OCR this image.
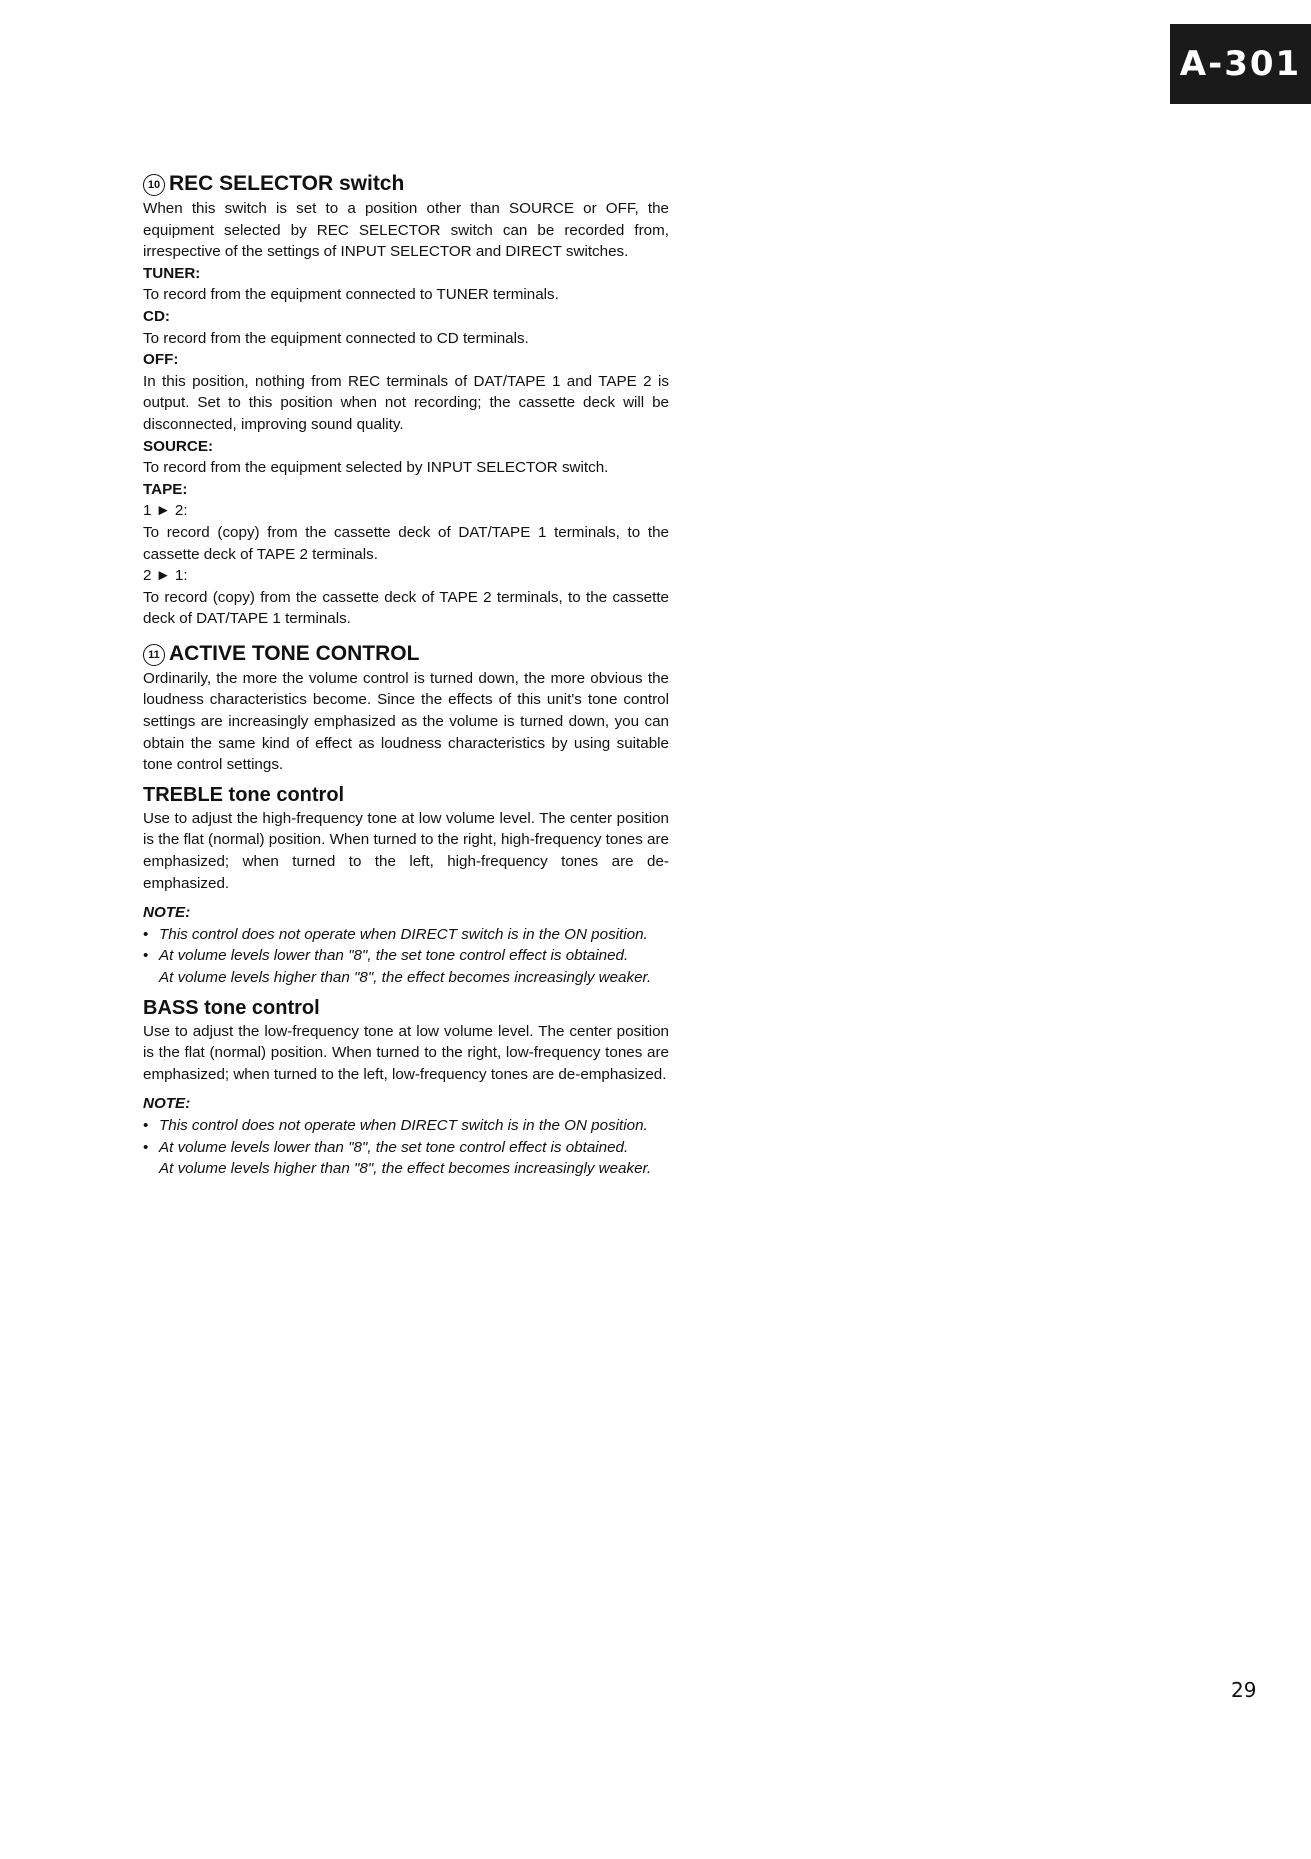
A-301
10 REC SELECTOR switch

When this switch is set to a position other than SOURCE or OFF, the equipment selected by REC SELECTOR switch can be recorded from, irrespective of the settings of INPUT SELECTOR and DIRECT switches.

TUNER:

To record from the equipment connected to TUNER terminals.

CD:

To record from the equipment connected to CD terminals.

OFF:

In this position, nothing from REC terminals of DAT/TAPE 1 and TAPE 2 is output. Set to this position when not recording; the cassette deck will be disconnected, improving sound quality.

SOURCE:

To record from the equipment selected by INPUT SELECTOR switch.

TAPE:

1 ► 2:

To record (copy) from the cassette deck of DAT/TAPE 1 terminals, to the cassette deck of TAPE 2 terminals.

2 ► 1:

To record (copy) from the cassette deck of TAPE 2 terminals, to the cassette deck of DAT/TAPE 1 terminals.

11 ACTIVE TONE CONTROL

Ordinarily, the more the volume control is turned down, the more obvious the loudness characteristics become. Since the effects of this unit's tone control settings are increasingly emphasized as the volume is turned down, you can obtain the same kind of effect as loudness characteristics by using suitable tone control settings.

TREBLE tone control

Use to adjust the high-frequency tone at low volume level. The center position is the flat (normal) position. When turned to the right, high-frequency tones are emphasized; when turned to the left, high-frequency tones are de-emphasized.

NOTE:

• This control does not operate when DIRECT switch is in the ON position.
• At volume levels lower than "8", the set tone control effect is obtained.
At volume levels higher than "8", the effect becomes increasingly weaker.
BASS tone control

Use to adjust the low-frequency tone at low volume level. The center position is the flat (normal) position. When turned to the right, low-frequency tones are emphasized; when turned to the left, low-frequency tones are de-emphasized.

NOTE:

• This control does not operate when DIRECT switch is in the ON position.
• At volume levels lower than "8", the set tone control effect is obtained.
At volume levels higher than "8", the effect becomes increasingly weaker.
29
